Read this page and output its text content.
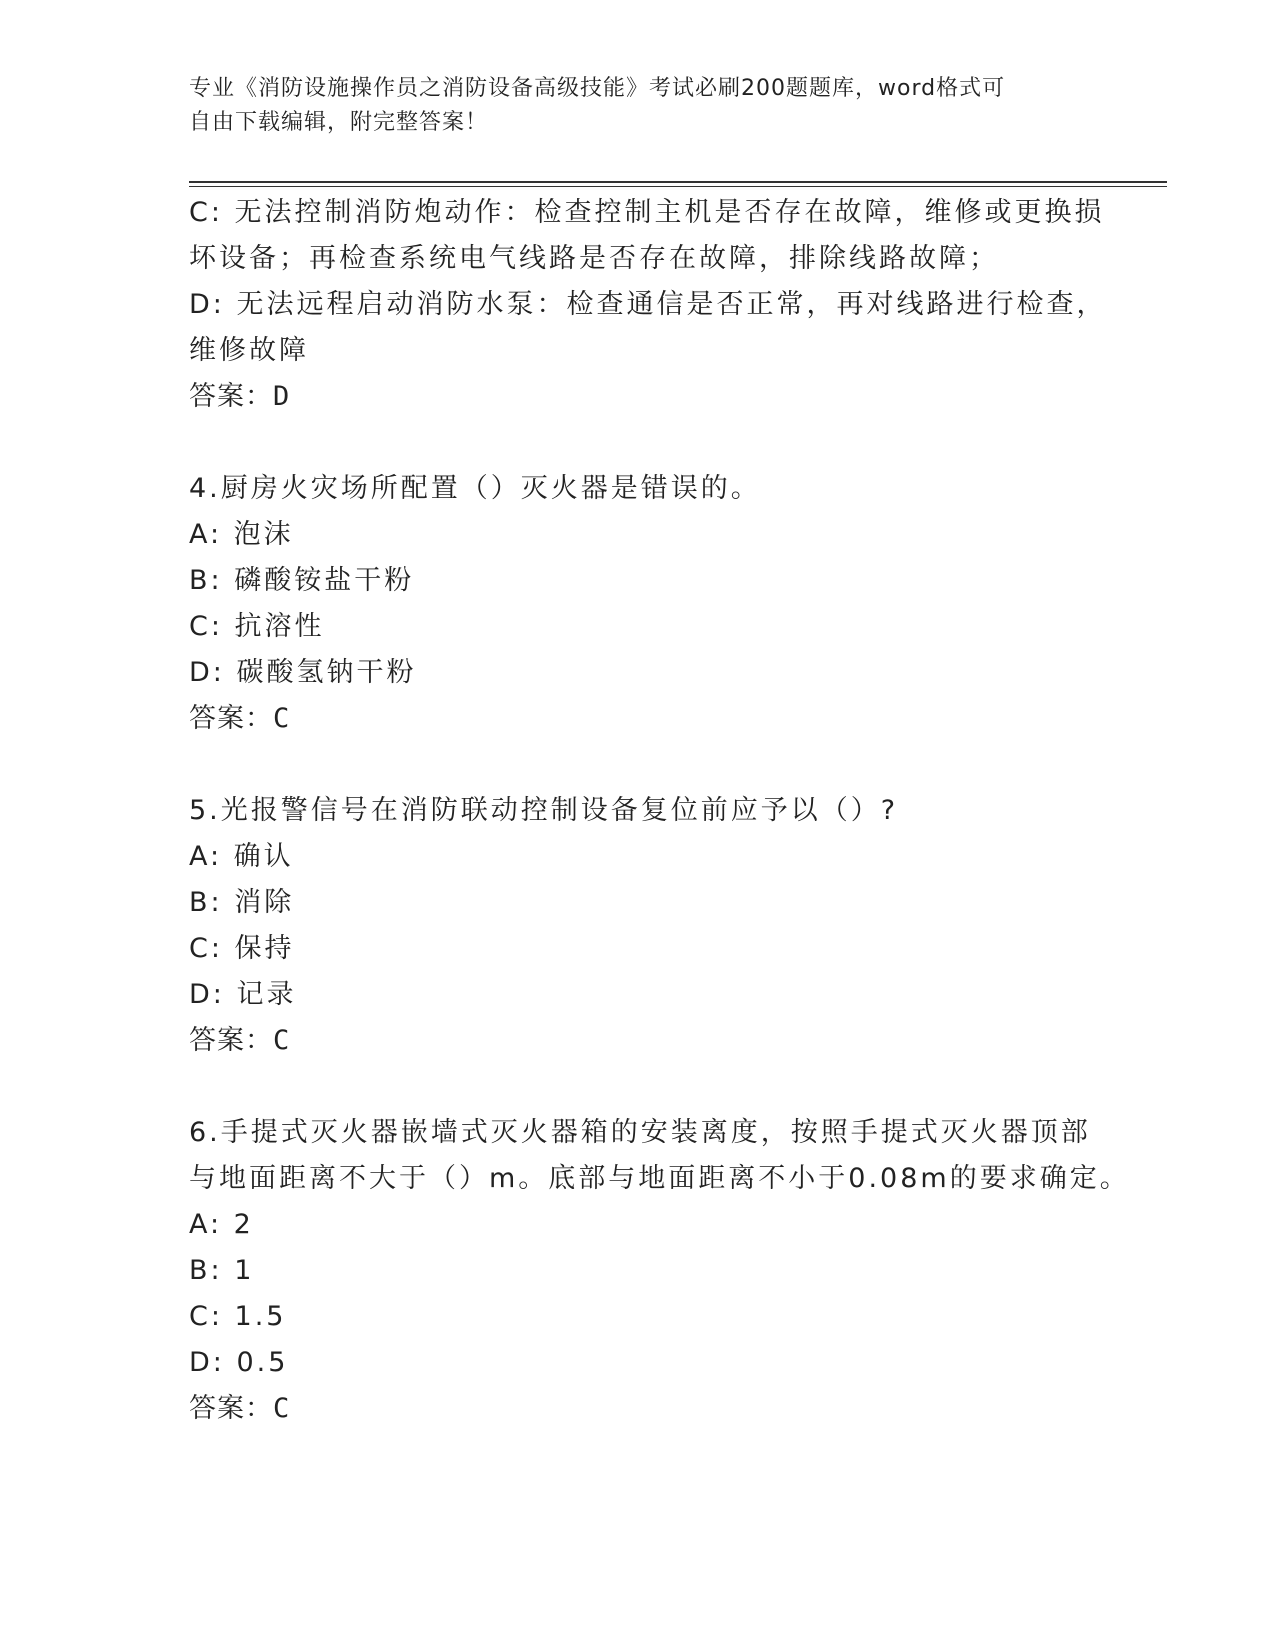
专业《消防设施操作员之消防设备高级技能》考试必刷200题题库，word格式可
自由下载编辑，附完整答案！
C: 无法控制消防炮动作：检查控制主机是否存在故障，维修或更换损
坏设备；再检查系统电气线路是否存在故障，排除线路故障；
D: 无法远程启动消防水泵：检查通信是否正常，再对线路进行检查，
维修故障
答案：D
4.厨房火灾场所配置（）灭火器是错误的。
A: 泡沫
B: 磷酸铵盐干粉
C: 抗溶性
D: 碳酸氢钠干粉
答案：C
5.光报警信号在消防联动控制设备复位前应予以（）?
A: 确认
B: 消除
C: 保持
D: 记录
答案：C
6.手提式灭火器嵌墙式灭火器箱的安装离度，按照手提式灭火器顶部
与地面距离不大于（）m。底部与地面距离不小于0.08m的要求确定。
A: 2
B: 1
C: 1.5
D: 0.5
答案：C
